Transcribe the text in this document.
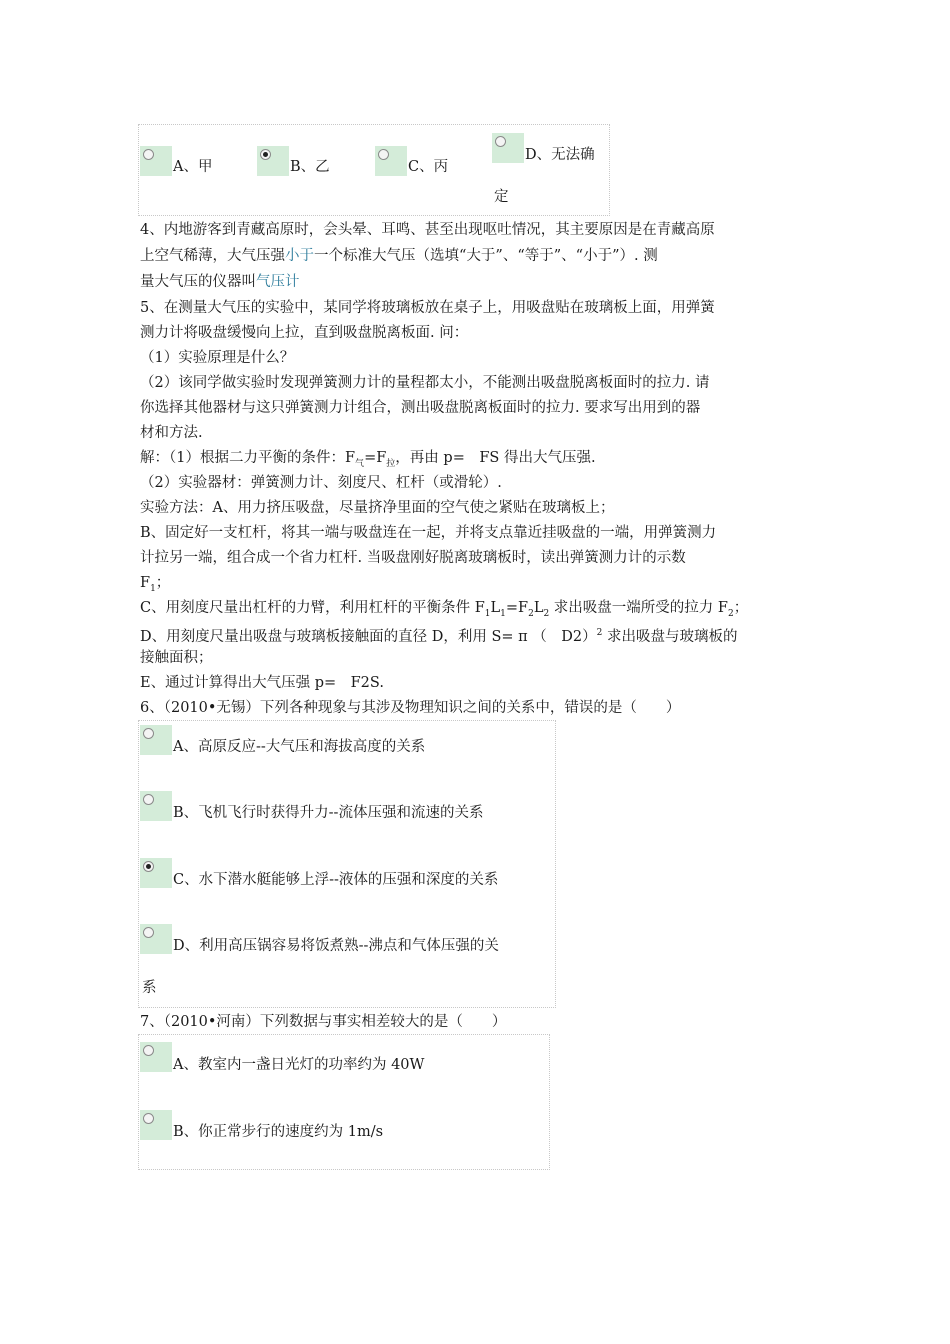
A、甲	B、乙	C、丙
D、无法确
定
4、内地游客到青藏高原时，会头晕、耳鸣、甚至出现呕吐情况，其主要原因是在青藏高原
上空气稀薄，大气压强小于一个标准大气压（选填“大于”、“等于”、“小于”）. 测
量大气压的仪器叫气压计
5、在测量大气压的实验中，某同学将玻璃板放在桌子上，用吸盘贴在玻璃板上面，用弹簧
测力计将吸盘缓慢向上拉，直到吸盘脱离板面. 问：
（1）实验原理是什么？
（2）该同学做实验时发现弹簧测力计的量程都太小，不能测出吸盘脱离板面时的拉力. 请
你选择其他器材与这只弹簧测力计组合，测出吸盘脱离板面时的拉力. 要求写出用到的器
材和方法.
解：（1）根据二力平衡的条件：$F_气=F_拉$，再由 p=　FS 得出大气压强.
（2）实验器材：弹簧测力计、刻度尺、杠杆（或滑轮）.
实验方法：A、用力挤压吸盘，尽量挤净里面的空气使之紧贴在玻璃板上；
B、固定好一支杠杆，将其一端与吸盘连在一起，并将支点靠近挂吸盘的一端，用弹簧测力
计拉另一端，组合成一个省力杠杆. 当吸盘刚好脱离玻璃板时，读出弹簧测力计的示数
$F_1$；
C、用刻度尺量出杠杆的力臂，利用杠杆的平衡条件 $F_1L_1=F_2L_2$ 求出吸盘一端所受的拉力 $F_2$；
D、用刻度尺量出吸盘与玻璃板接触面的直径 D，利用 S= π （　D2）$^2$ 求出吸盘与玻璃板的
接触面积；
E、通过计算得出大气压强 p=　F2S.
6、（2010•无锡）下列各种现象与其涉及物理知识之间的关系中，错误的是（　　）
A、高原反应--大气压和海拔高度的关系
B、飞机飞行时获得升力--流体压强和流速的关系
C、水下潜水艇能够上浮--液体的压强和深度的关系
D、利用高压锅容易将饭煮熟--沸点和气体压强的关
系
7、（2010•河南）下列数据与事实相差较大的是（　　）
A、教室内一盏日光灯的功率约为 40W
B、你正常步行的速度约为 1m/s
